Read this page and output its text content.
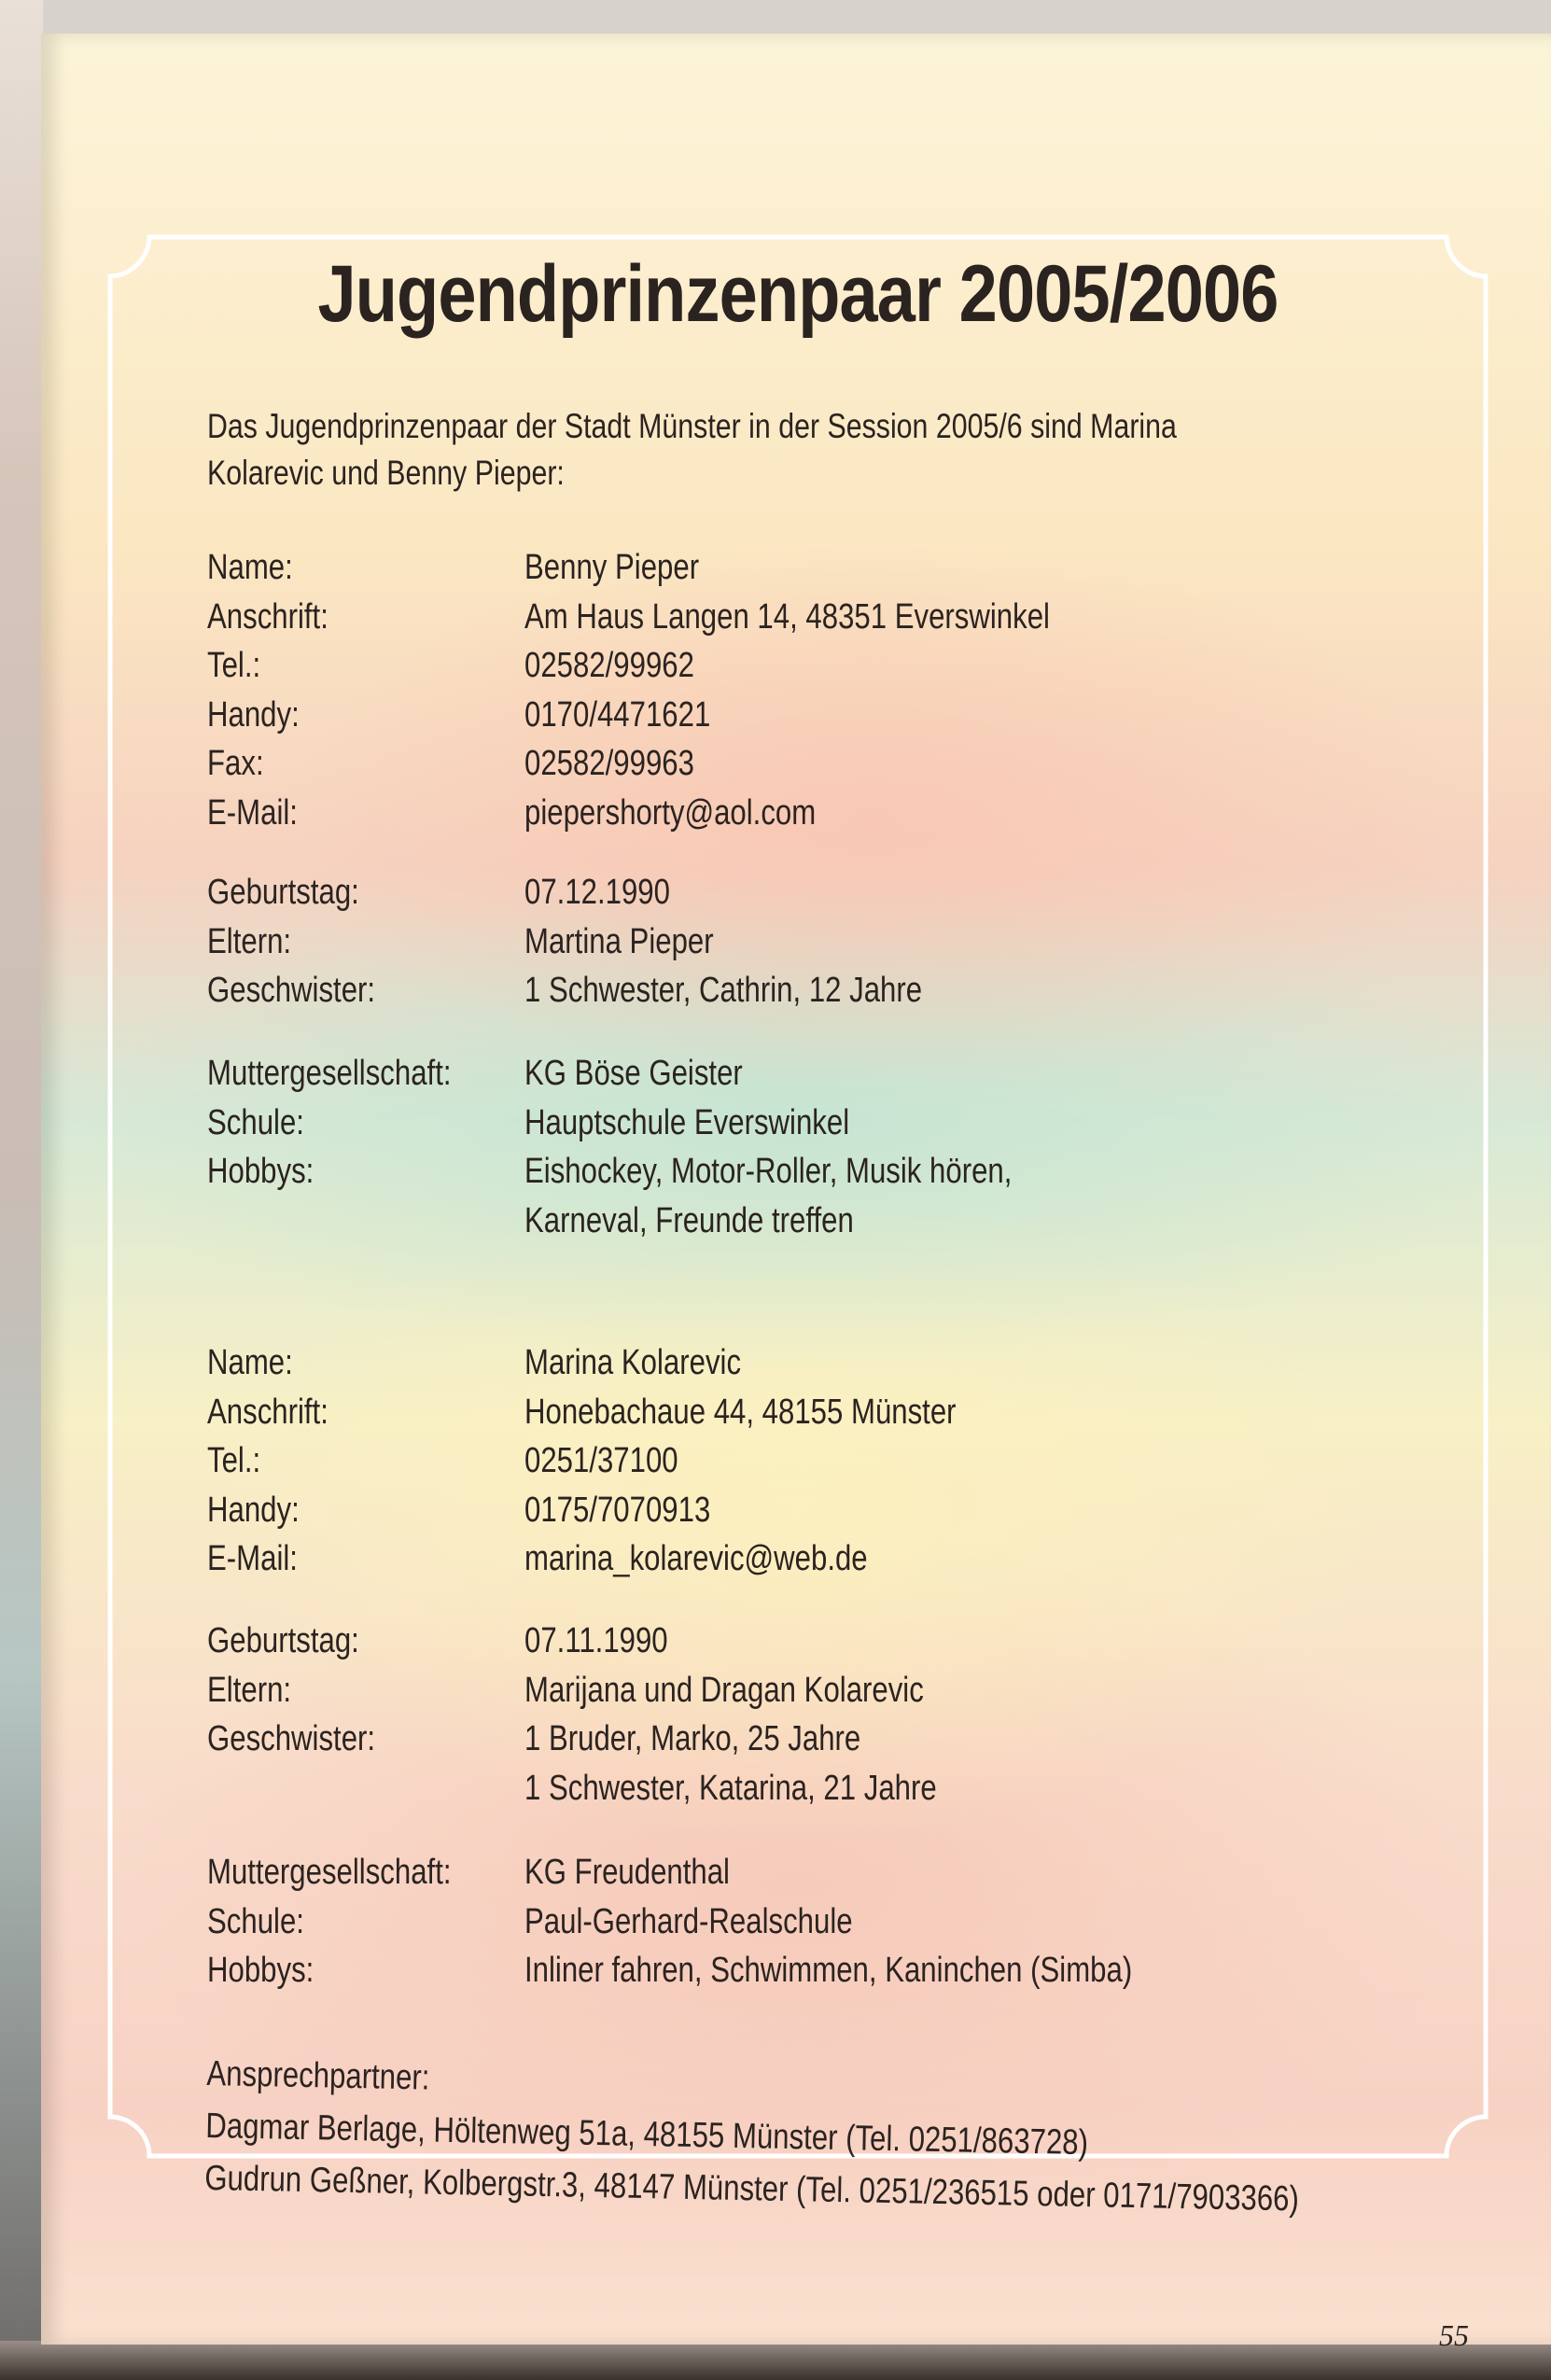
Jugendprinzenpaar 2005/2006
Das Jugendprinzenpaar der Stadt Münster in der Session 2005/6 sind Marina
Kolarevic und Benny Pieper:
Name:	Benny Pieper
Anschrift:	Am Haus Langen 14, 48351 Everswinkel
Tel.:	02582/99962
Handy:	0170/4471621
Fax:	02582/99963
E-Mail:	piepershorty@aol.com
Geburtstag:	07.12.1990
Eltern:	Martina Pieper
Geschwister:	1 Schwester, Cathrin, 12 Jahre
Muttergesellschaft: KG Böse Geister
Schule:	Hauptschule Everswinkel
Hobbys:	Eishockey, Motor-Roller, Musik hören,
Karneval, Freunde treffen
Name:	Marina Kolarevic
Anschrift:	Honebachaue 44, 48155 Münster
Tel.:	0251/37100
Handy:	0175/7070913
E-Mail:	marina_kolarevic@web.de
Geburtstag:	07.11.1990
Eltern:	Marijana und Dragan Kolarevic
Geschwister:	1 Bruder, Marko, 25 Jahre
1 Schwester, Katarina, 21 Jahre
Muttergesellschaft: KG Freudenthal
Schule:	Paul-Gerhard-Realschule
Hobbys:	Inliner fahren, Schwimmen, Kaninchen (Simba)
Ansprechpartner:
Dagmar Berlage, Höltenweg 51a, 48155 Münster (Tel. 0251/863728)
Gudrun Geßner, Kolbergstr.3, 48147 Münster (Tel. 0251/236515 oder 0171/7903366)
55
